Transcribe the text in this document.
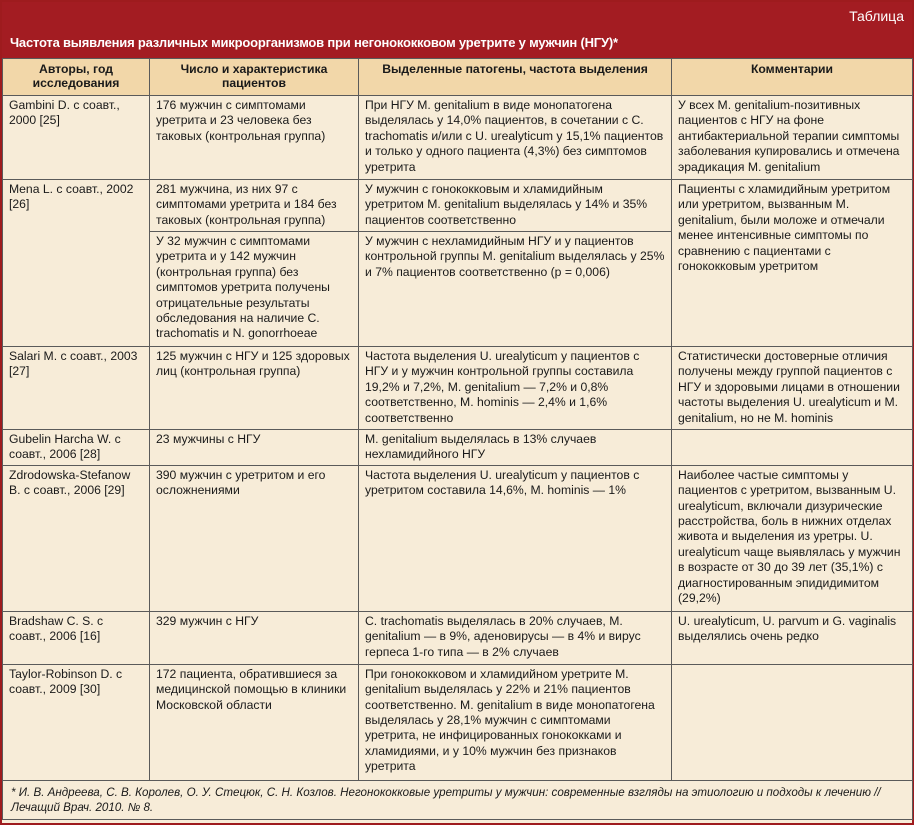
Таблица
Частота выявления различных микроорганизмов при негонококковом уретрите у мужчин (НГУ)*
Авторы, год исследования	Число и характеристика пациентов	Выделенные патогены, частота выделения	Комментарии
Gambini D. с соавт., 2000 [25]	176 мужчин с симптомами уретрита и 23 человека без таковых (контрольная группа)	При НГУ M. genitalium в виде монопатогена выделялась у 14,0% пациентов, в сочетании с C. trachomatis и/или с U. urealyticum у 15,1% пациентов и только у одного пациента (4,3%) без симптомов уретрита	У всех M. genitalium-позитивных пациентов с НГУ на фоне антибактериальной терапии симптомы заболевания купировались и отмечена эрадикация M. genitalium
Mena L. с соавт., 2002 [26]	281 мужчина, из них 97 с симптомами уретрита и 184 без таковых (контрольная группа)	У мужчин с гонококковым и хламидийным уретритом M. genitalium выделялась у 14% и 35% пациентов соответственно	Пациенты с хламидийным уретритом или уретритом, вызванным M. genitalium, были моложе и отмечали менее интенсивные симптомы по сравнению с пациентами с гонококковым уретритом
	У 32 мужчин с симптомами уретрита и у 142 мужчин (контрольная группа) без симптомов уретрита получены отрицательные результаты обследования на наличие C. trachomatis и N. gonorrhoeae	У мужчин с нехламидийным НГУ и у пациентов контрольной группы M. genitalium выделялась у 25% и 7% пациентов соответственно (р = 0,006)	
Salari M. с соавт., 2003 [27]	125 мужчин с НГУ и 125 здоровых лиц (контрольная группа)	Частота выделения U. urealyticum у пациентов с НГУ и у мужчин контрольной группы составила 19,2% и 7,2%, M. genitalium — 7,2% и 0,8% соответственно, M. hominis — 2,4% и 1,6% соответственно	Статистически достоверные отличия получены между группой пациентов с НГУ и здоровыми лицами в отношении частоты выделения U. urealyticum и M. genitalium, но не M. hominis
Gubelin Harcha W. с соавт., 2006 [28]	23 мужчины с НГУ	M. genitalium выделялась в 13% случаев нехламидийного НГУ	
Zdrodowska-Stefanow B. с соавт., 2006 [29]	390 мужчин с уретритом и его осложнениями	Частота выделения U. urealyticum у пациентов с уретритом составила 14,6%, M. hominis — 1%	Наиболее частые симптомы у пациентов с уретритом, вызванным U. urealyticum, включали дизурические расстройства, боль в нижних отделах живота и выделения из уретры. U. urealyticum чаще выявлялась у мужчин в возрасте от 30 до 39 лет (35,1%) с диагностированным эпидидимитом (29,2%)
Bradshaw C. S. с соавт., 2006 [16]	329 мужчин с НГУ	C. trachomatis выделялась в 20% случаев, M. genitalium — в 9%, аденовирусы — в 4% и вирус герпеса 1-го типа — в 2% случаев	U. urealyticum, U. parvum и G. vaginalis выделялись очень редко
Taylor-Robinson D. с соавт., 2009 [30]	172 пациента, обратившиеся за медицинской помощью в клиники Московской области	При гонококковом и хламидийном уретрите M. genitalium выделялась у 22% и 21% пациентов соответственно. M. genitalium в виде монопатогена выделялась у 28,1% мужчин с симптомами уретрита, не инфицированных гонококками и хламидиями, и у 10% мужчин без признаков уретрита	
* И. В. Андреева, С. В. Королев, О. У. Стецюк, С. Н. Козлов. Негонококковые уретриты у мужчин: современные взгляды на этиологию и подходы к лечению // Лечащий Врач. 2010. № 8.			
